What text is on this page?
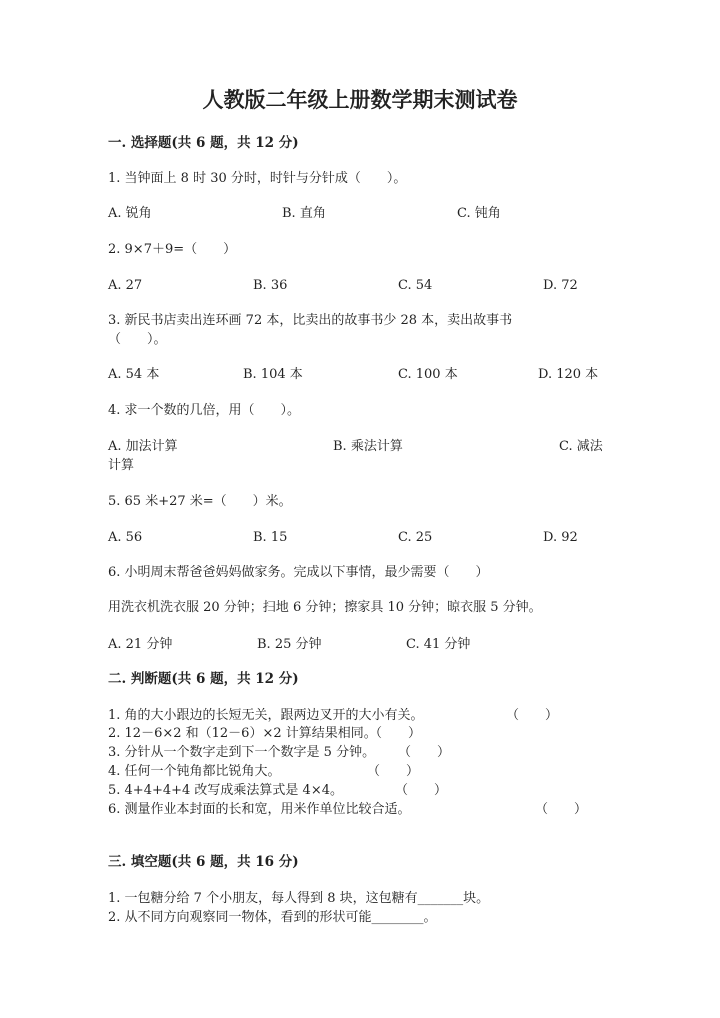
人教版二年级上册数学期末测试卷
一. 选择题(共 6 题，共 12 分)
1. 当钟面上 8 时 30 分时，时针与分针成（　　）。
A. 锐角	B. 直角	C. 钝角
2. 9×7＋9=（　　）
A. 27	B. 36	C. 54	D. 72
3. 新民书店卖出连环画 72 本，比卖出的故事书少 28 本，卖出故事书
（　　）。
A. 54 本	B. 104 本	C. 100 本	D. 120 本
4. 求一个数的几倍，用（　　）。
A. 加法计算	B. 乘法计算	C. 减法
计算
5. 65 米+27 米=（　　）米。
A. 56	B. 15	C. 25	D. 92
6. 小明周末帮爸爸妈妈做家务。完成以下事情，最少需要（　　）
用洗衣机洗衣服 20 分钟；扫地 6 分钟；擦家具 10 分钟；晾衣服 5 分钟。
A. 21 分钟	B. 25 分钟	C. 41 分钟
二. 判断题(共 6 题，共 12 分)
1. 角的大小跟边的长短无关，跟两边叉开的大小有关。	（　　）
2. 12－6×2 和（12－6）×2 计算结果相同。
（　　）
3. 分针从一个数字走到下一个数字是 5 分钟。 （　　）
4. 任何一个钝角都比锐角大。	（　　）
5. 4+4+4+4 改写成乘法算式是 4×4。	（　　）
6. 测量作业本封面的长和宽，用米作单位比较合适。	（　　）
三. 填空题(共 6 题，共 16 分)
1. 一包糖分给 7 个小朋友，每人得到 8 块，这包糖有_______块。
2. 从不同方向观察同一物体，看到的形状可能________。
